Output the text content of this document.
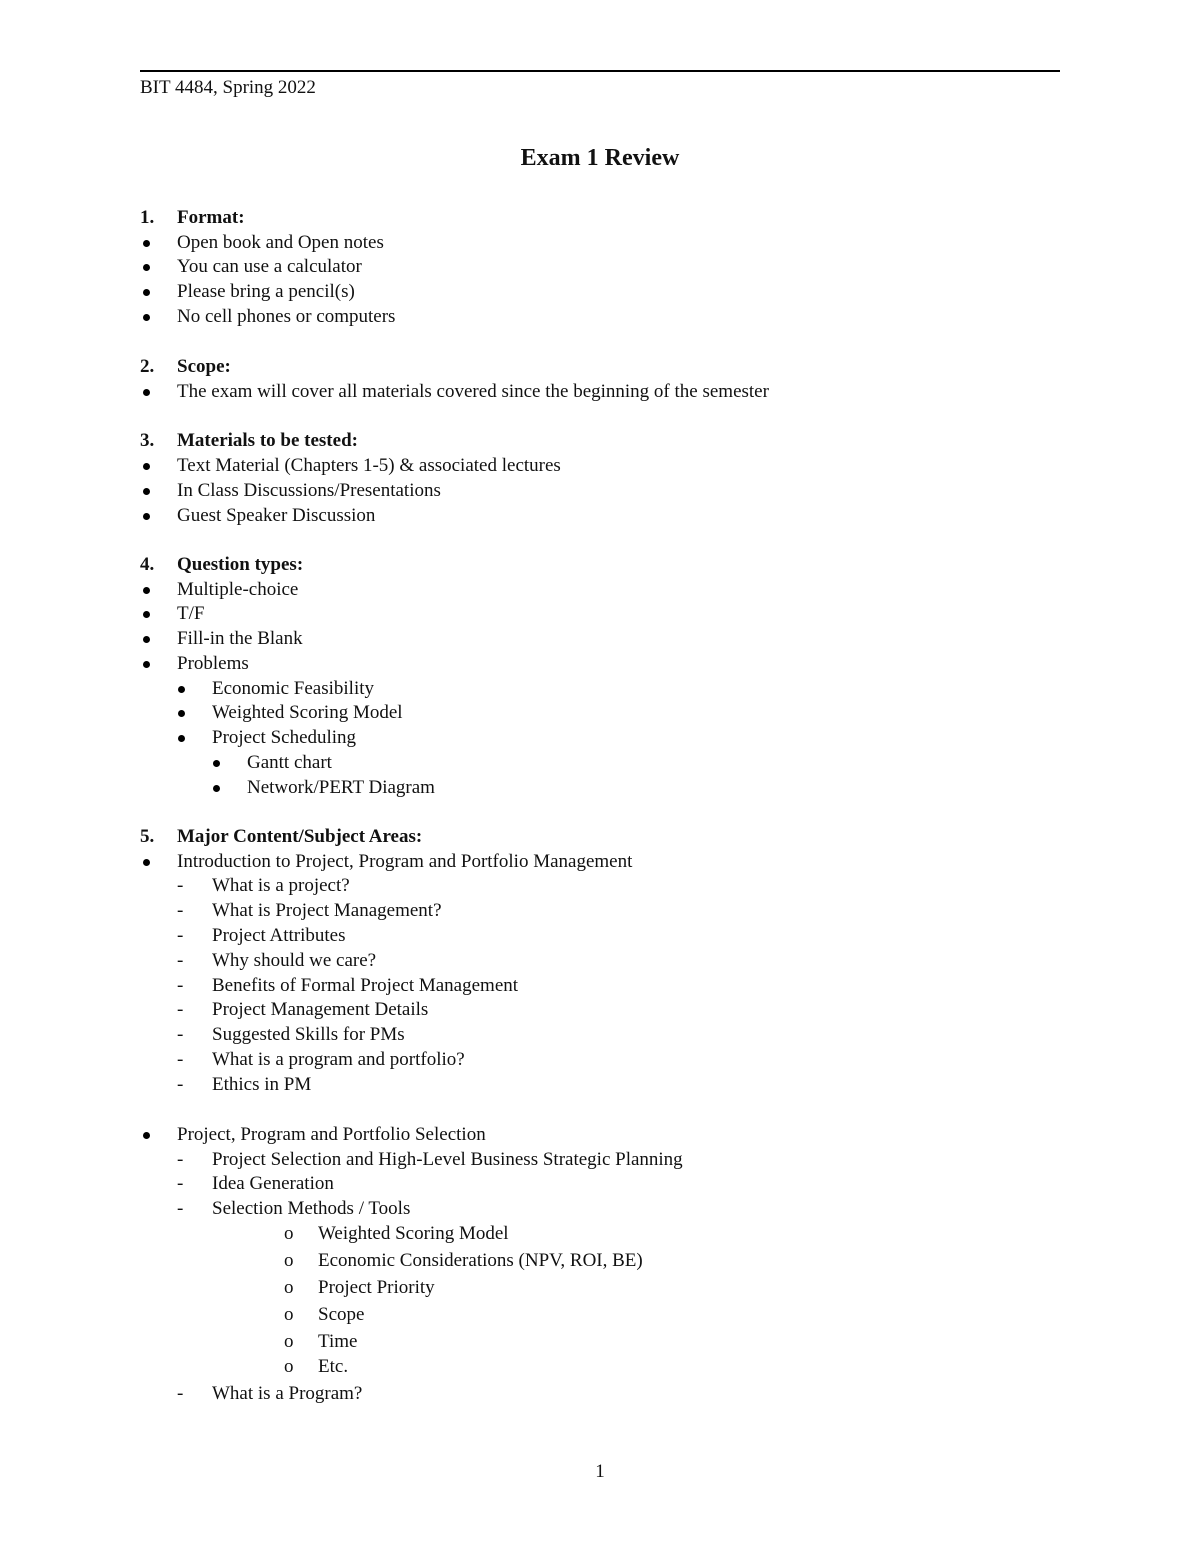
BIT 4484, Spring 2022
Exam 1 Review
1. Format:
Open book and Open notes
You can use a calculator
Please bring a pencil(s)
No cell phones or computers
2. Scope:
The exam will cover all materials covered since the beginning of the semester
3. Materials to be tested:
Text Material (Chapters 1-5) & associated lectures
In Class Discussions/Presentations
Guest Speaker Discussion
4. Question types:
Multiple-choice
T/F
Fill-in the Blank
Problems
Economic Feasibility
Weighted Scoring Model
Project Scheduling
Gantt chart
Network/PERT Diagram
5. Major Content/Subject Areas:
Introduction to Project, Program and Portfolio Management
- What is a project?
- What is Project Management?
- Project Attributes
- Why should we care?
- Benefits of Formal Project Management
- Project Management Details
- Suggested Skills for PMs
- What is a program and portfolio?
- Ethics in PM
Project, Program and Portfolio Selection
- Project Selection and High-Level Business Strategic Planning
- Idea Generation
- Selection Methods / Tools
o Weighted Scoring Model
o Economic Considerations (NPV, ROI, BE)
o Project Priority
o Scope
o Time
o Etc.
- What is a Program?
1
